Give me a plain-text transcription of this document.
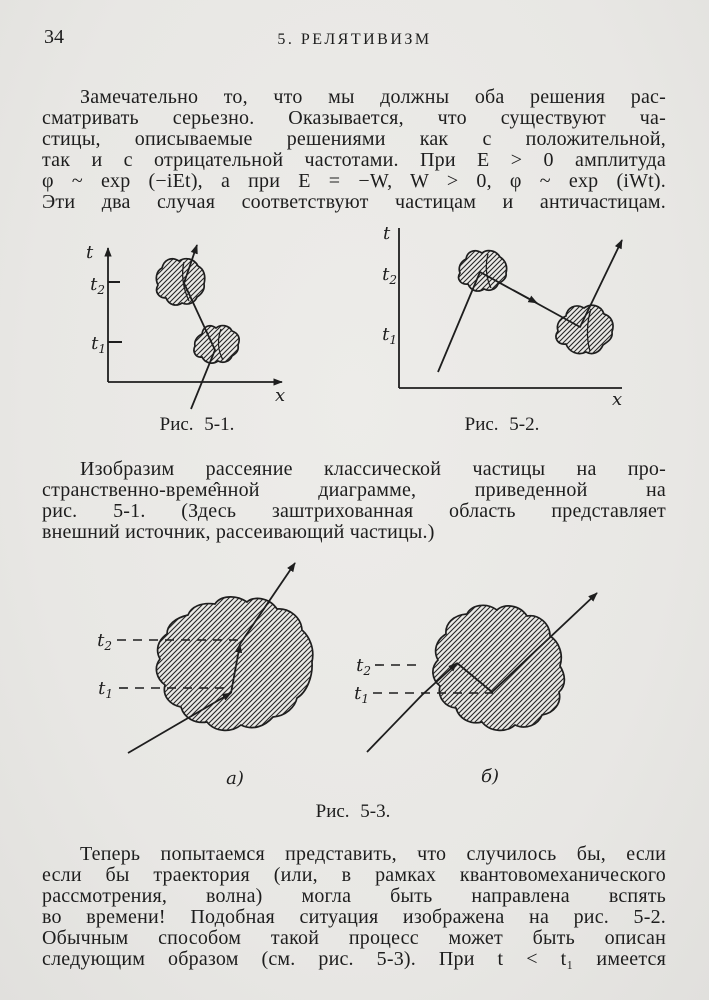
34	5. РЕЛЯТИВИЗМ
Замечательно то, что мы должны оба решения рас-
сматривать серьезно. Оказывается, что существуют ча-
стицы, описываемые решениями как с положительной,
так и с отрицательной частотами. При E > 0 амплитуда
φ ~ exp (−iEt), а при E = −W, W > 0, φ ~ exp (iWt).
Эти два случая соответствуют частицам и античастицам.
t
x
$t_2$
$t_1$
Рис. 5-1.
t
x
$t_2$
$t_1$
Рис. 5-2.
Изобразим рассеяние классической частицы на про-
странственно-време̂нной диаграмме, приведенной на
рис. 5-1. (Здесь заштрихованная область представляет
внешний источник, рассеивающий частицы.)
$t_2$
$t_1$
а)
$t_2$
$t_1$
б)
Рис. 5-3.
Теперь попытаемся представить, что случилось бы, если
если бы траектория (или, в рамках квантовомеханического
рассмотрения, волна) могла быть направлена вспять
во времени! Подобная ситуация изображена на рис. 5-2.
Обычным способом такой процесс может быть описан
следующим образом (см. рис. 5-3). При t < t₁ имеется
